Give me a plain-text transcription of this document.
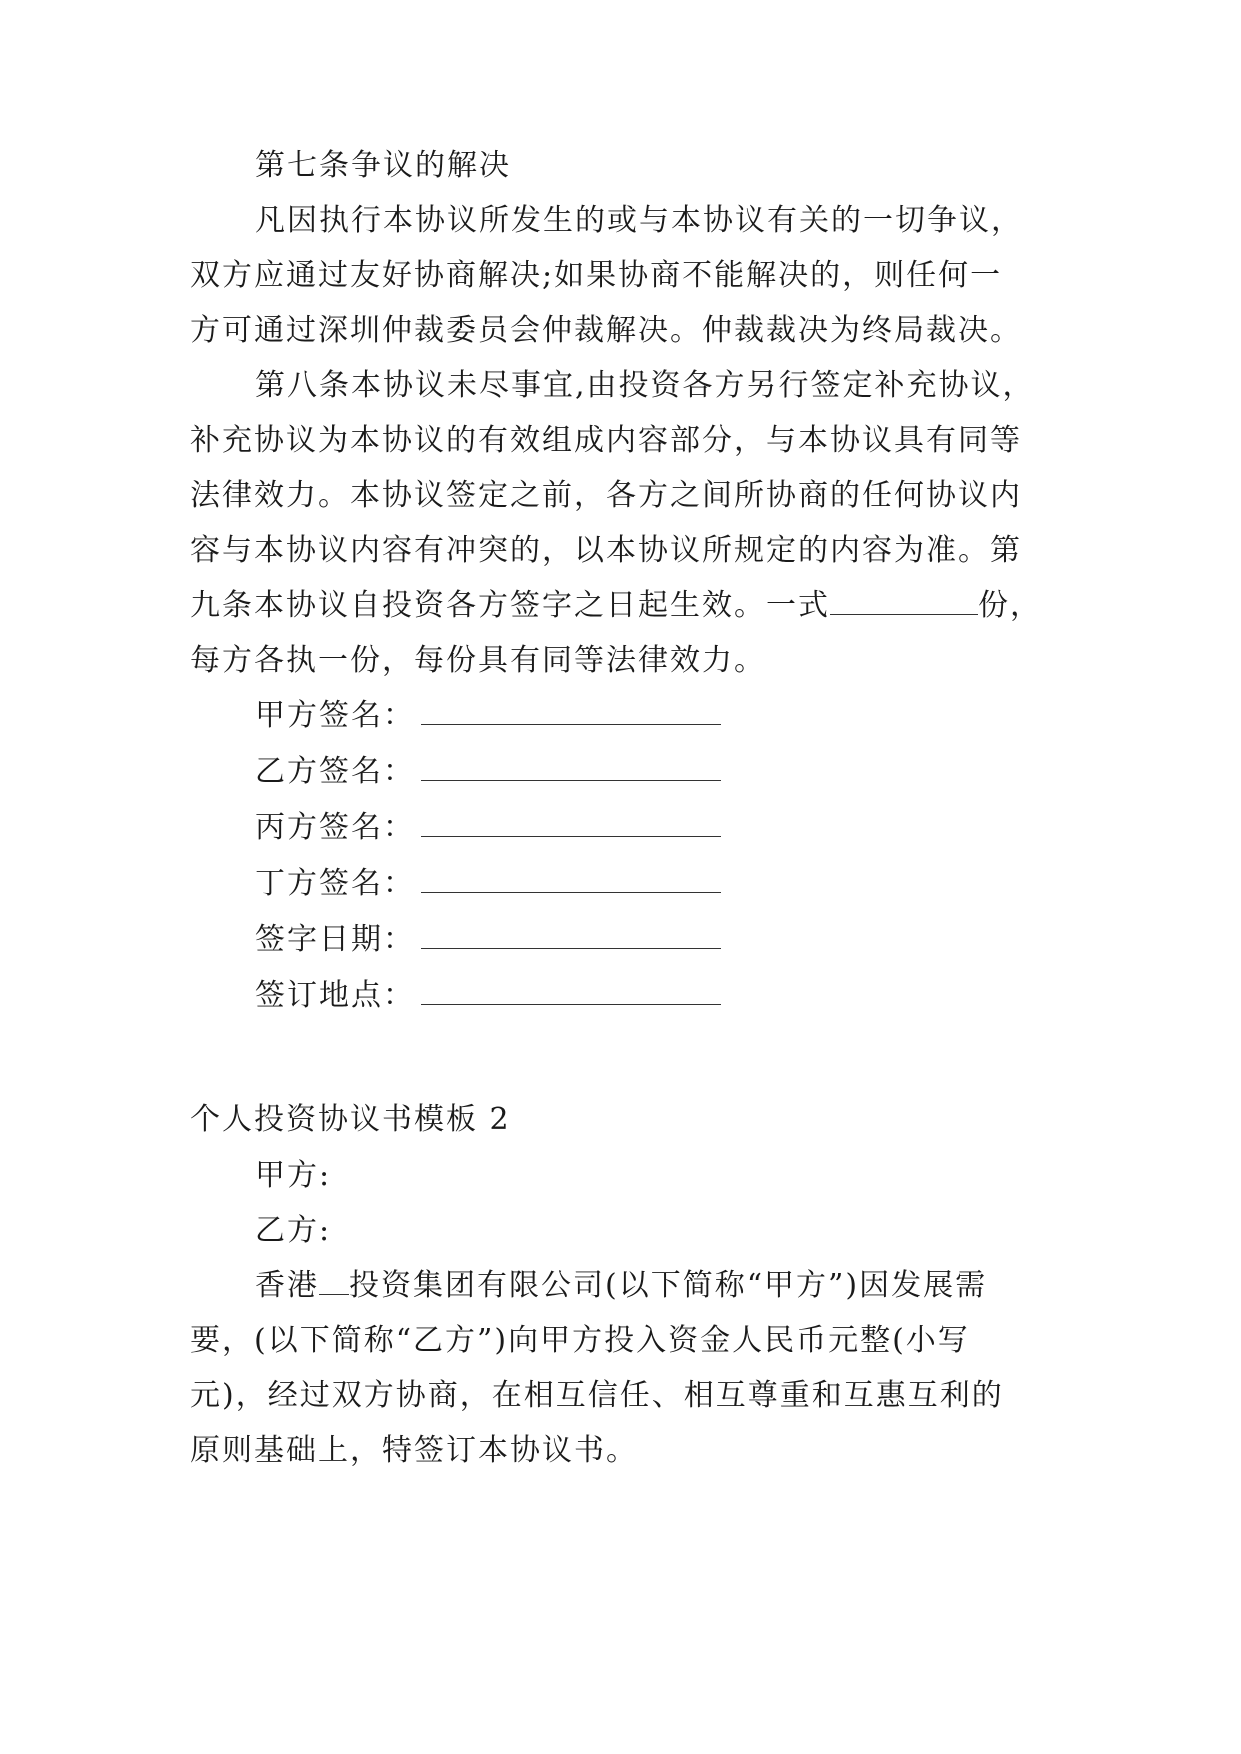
第七条争议的解决
凡因执行本协议所发生的或与本协议有关的一切争议，
双方应通过友好协商解决;如果协商不能解决的，则任何一
方可通过深圳仲裁委员会仲裁解决。仲裁裁决为终局裁决。
第八条本协议未尽事宜,由投资各方另行签定补充协议，
补充协议为本协议的有效组成内容部分，与本协议具有同等
法律效力。本协议签定之前，各方之间所协商的任何协议内
容与本协议内容有冲突的，以本协议所规定的内容为准。第
九条本协议自投资各方签字之日起生效。一式	份，
每方各执一份，每份具有同等法律效力。
甲方签名：
乙方签名：
丙方签名：
丁方签名：
签字日期：
签订地点：
个人投资协议书模板 2
甲方:
乙方:
香港 投资集团有限公司(以下简称“甲方”)因发展需
要，(以下简称“乙方”)向甲方投入资金人民币元整(小写
元)，经过双方协商，在相互信任、相互尊重和互惠互利的
原则基础上，特签订本协议书。
